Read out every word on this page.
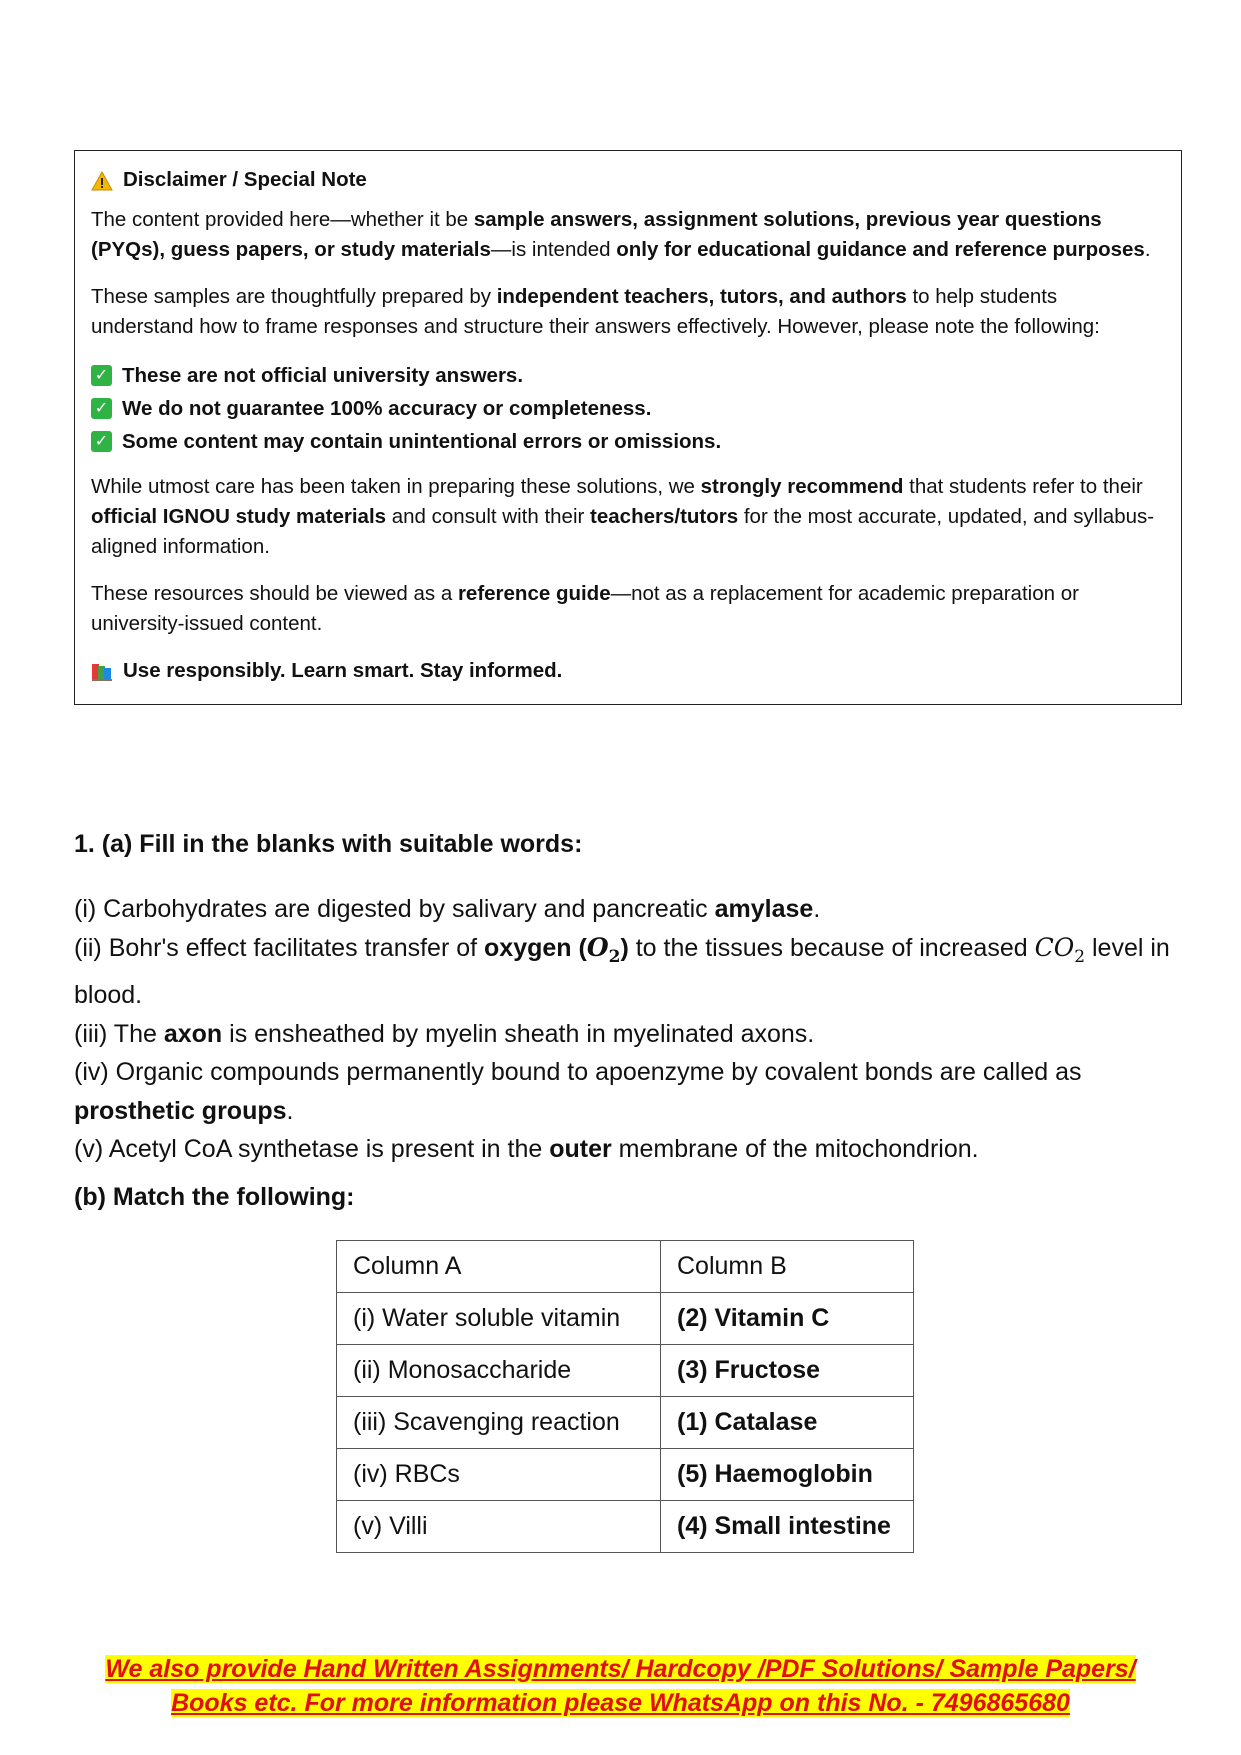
Disclaimer / Special Note

The content provided here—whether it be sample answers, assignment solutions, previous year questions (PYQs), guess papers, or study materials—is intended only for educational guidance and reference purposes.

These samples are thoughtfully prepared by independent teachers, tutors, and authors to help students understand how to frame responses and structure their answers effectively. However, please note the following:

✓ These are not official university answers.
✓ We do not guarantee 100% accuracy or completeness.
✓ Some content may contain unintentional errors or omissions.

While utmost care has been taken in preparing these solutions, we strongly recommend that students refer to their official IGNOU study materials and consult with their teachers/tutors for the most accurate, updated, and syllabus-aligned information.

These resources should be viewed as a reference guide—not as a replacement for academic preparation or university-issued content.

Use responsibly. Learn smart. Stay informed.
1. (a) Fill in the blanks with suitable words:

(i) Carbohydrates are digested by salivary and pancreatic amylase.

(ii) Bohr's effect facilitates transfer of oxygen $(O_2)$ to the tissues because of increased $CO_2$ level in blood.

(iii) The axon is ensheathed by myelin sheath in myelinated axons.

(iv) Organic compounds permanently bound to apoenzyme by covalent bonds are called as prosthetic groups.

(v) Acetyl CoA synthetase is present in the outer membrane of the mitochondrion.

(b) Match the following:
Column A	Column B
(i) Water soluble vitamin	(2) Vitamin C
(ii) Monosaccharide	(3) Fructose
(iii) Scavenging reaction	(1) Catalase
(iv) RBCs	(5) Haemoglobin
(v) Villi	(4) Small intestine
We also provide Hand Written Assignments/ Hardcopy /PDF Solutions/ Sample Papers/
Books etc. For more information please WhatsApp on this No. - 7496865680
